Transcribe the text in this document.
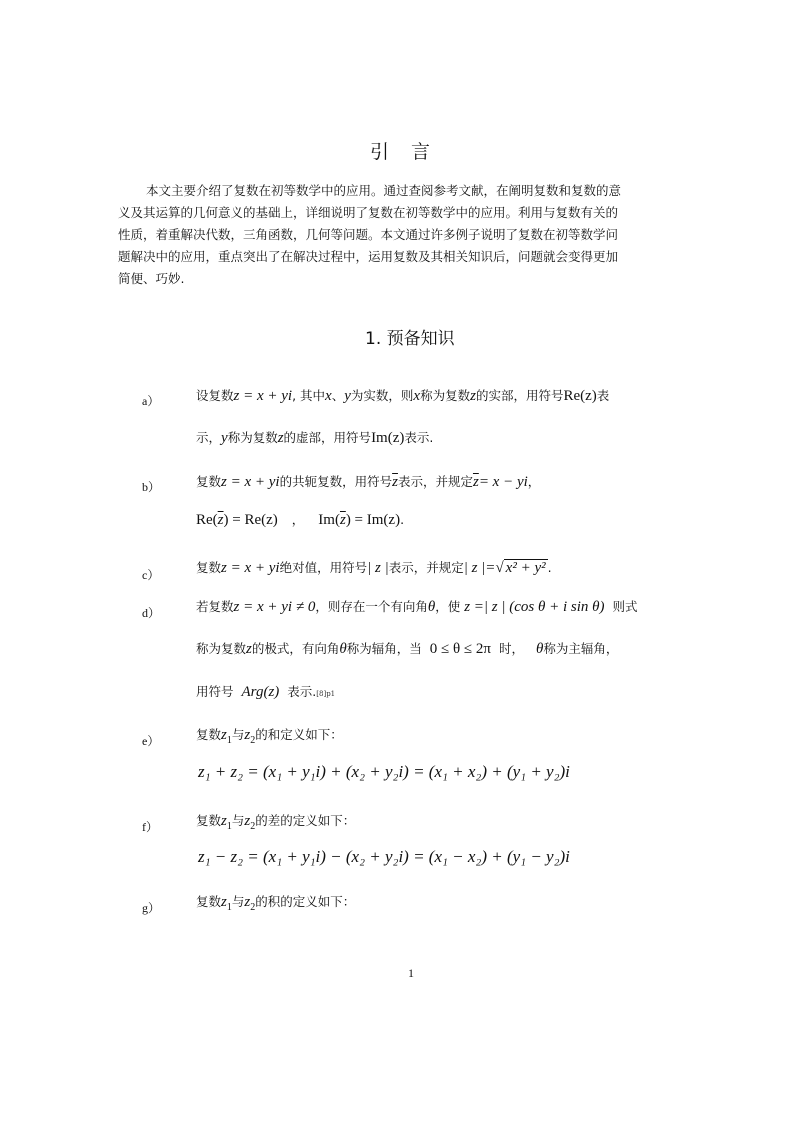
引言
本文主要介绍了复数在初等数学中的应用。通过查阅参考文献，在阐明复数和复数的意
义及其运算的几何意义的基础上，详细说明了复数在初等数学中的应用。利用与复数有关的
性质，着重解决代数，三角函数，几何等问题。本文通过许多例子说明了复数在初等数学问
题解决中的应用，重点突出了在解决过程中，运用复数及其相关知识后，问题就会变得更加
简便、巧妙.
1. 预备知识
a）	设复数 z = x + yi , 其中 x 、 y 为实数，则 x 称为复数 z 的实部，用符号 Re(z) 表
示， y 称为复数 z 的虚部，用符号 Im(z) 表示.
b）	复数 z = x + yi 的共轭复数，用符号 $\overline{z}$ 表示，并规定 $\overline{z} = x$ − yi ，
Re( $\overline{z}$ ) = Re(z) ， Im( $\overline{z}$ ) = Im(z) .
c）	复数 z = x + yi 绝对值，用符号 | z | 表示，并规定 | z |= √ x² + y² .
d）	若复数 z = x + yi ≠ 0 ，则存在一个有向角 θ ，使 z =| z | (cos θ + i sin θ) 则式
称为复数 z 的极式，有向角 θ 称为辐角，当 0 ≤ θ ≤ 2π 时， θ 称为主辐角，
用符号 Arg(z) 表示. [8]p1
e）	复数 $z_1$ 与 $z_2$ 的和定义如下：
z₁ + z₂ = (x₁ + y₁i) + (x₂ + y₂i) = (x₁ + x₂) + (y₁ + y₂)i
f）	复数 $z_1$ 与 $z_2$ 的差的定义如下：
z₁ − z₂ = (x₁ + y₁i) − (x₂ + y₂i) = (x₁ − x₂) + (y₁ − y₂)i
g）	复数 $z_1$ 与 $z_2$ 的积的定义如下：
1
